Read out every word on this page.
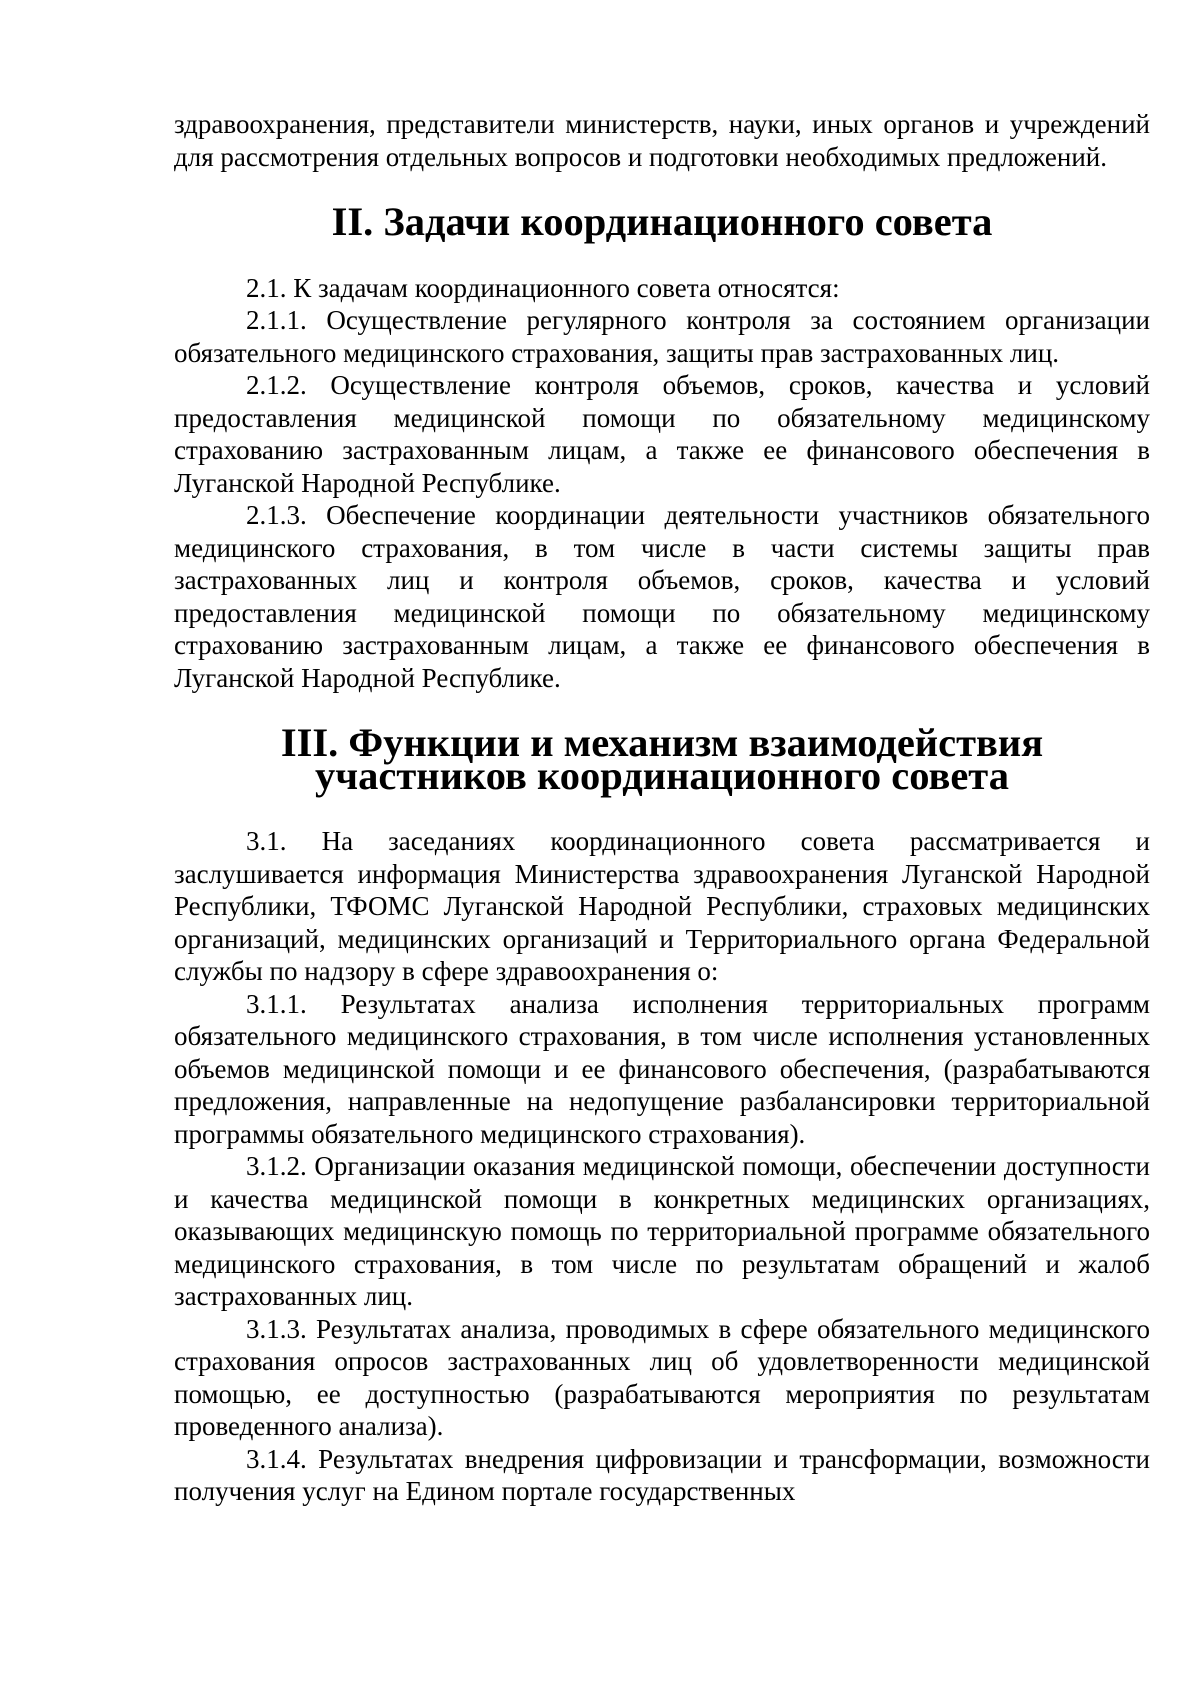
здравоохранения, представители министерств, науки, иных органов и учреждений для рассмотрения отдельных вопросов и подготовки необходимых предложений.

II. Задачи координационного совета

2.1. К задачам координационного совета относятся:

2.1.1. Осуществление регулярного контроля за состоянием организации обязательного медицинского страхования, защиты прав застрахованных лиц.

2.1.2. Осуществление контроля объемов, сроков, качества и условий предоставления медицинской помощи по обязательному медицинскому страхованию застрахованным лицам, а также ее финансового обеспечения в Луганской Народной Республике.

2.1.3. Обеспечение координации деятельности участников обязательного медицинского страхования, в том числе в части системы защиты прав застрахованных лиц и контроля объемов, сроков, качества и условий предоставления медицинской помощи по обязательному медицинскому страхованию застрахованным лицам, а также ее финансового обеспечения в Луганской Народной Республике.

III. Функции и механизм взаимодействия
участников координационного совета

3.1. На заседаниях координационного совета рассматривается и заслушивается информация Министерства здравоохранения Луганской Народной Республики, ТФОМС Луганской Народной Республики, страховых медицинских организаций, медицинских организаций и Территориального органа Федеральной службы по надзору в сфере здравоохранения о:

3.1.1. Результатах анализа исполнения территориальных программ обязательного медицинского страхования, в том числе исполнения установленных объемов медицинской помощи и ее финансового обеспечения, (разрабатываются предложения, направленные на недопущение разбалансировки территориальной программы обязательного медицинского страхования).

3.1.2. Организации оказания медицинской помощи, обеспечении доступности и качества медицинской помощи в конкретных медицинских организациях, оказывающих медицинскую помощь по территориальной программе обязательного медицинского страхования, в том числе по результатам обращений и жалоб застрахованных лиц.

3.1.3. Результатах анализа, проводимых в сфере обязательного медицинского страхования опросов застрахованных лиц об удовлетворенности медицинской помощью, ее доступностью (разрабатываются мероприятия по результатам проведенного анализа).

3.1.4. Результатах внедрения цифровизации и трансформации, возможности получения услуг на Едином портале государственных
